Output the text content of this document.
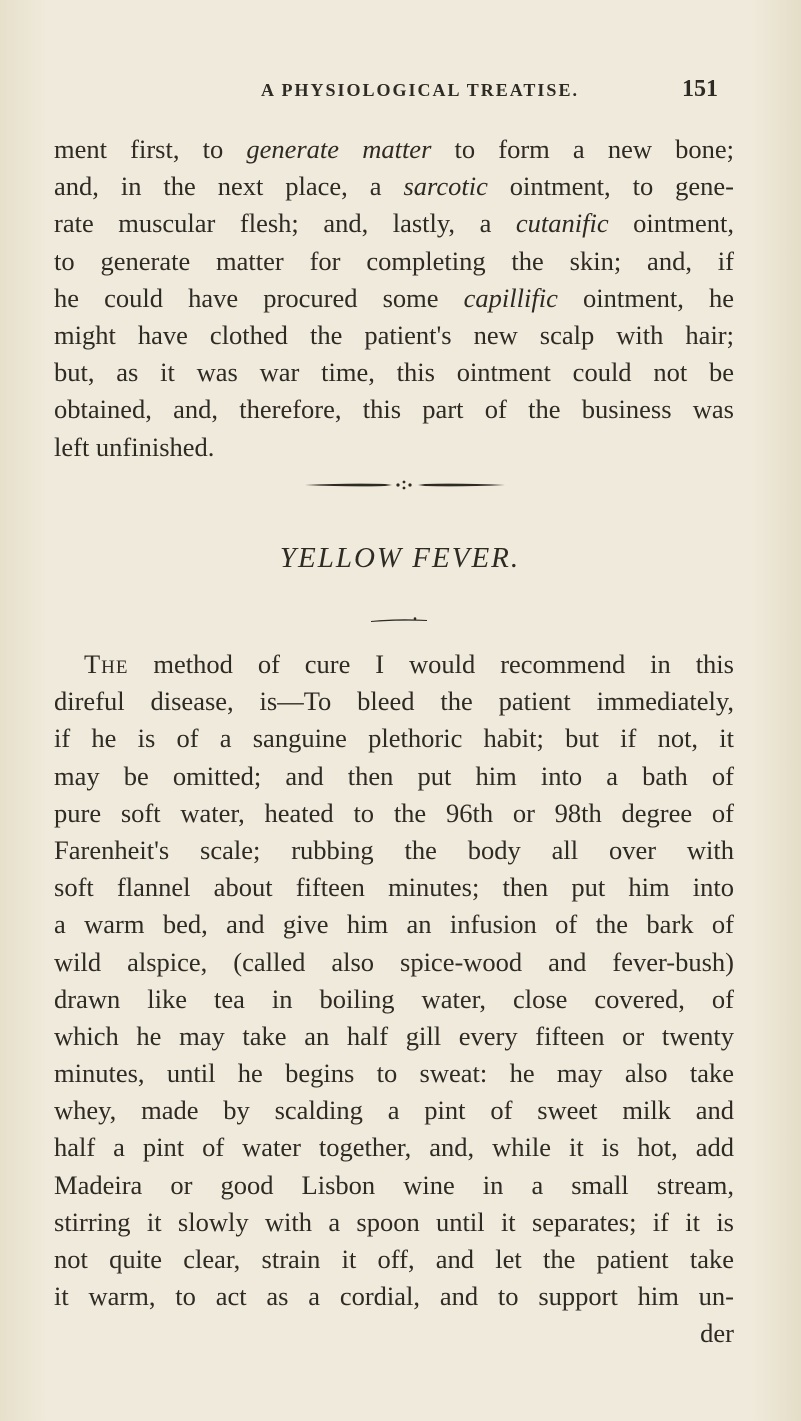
A PHYSIOLOGICAL TREATISE.	151
ment first, to generate matter to form a new bone;
and, in the next place, a sarcotic ointment, to gene-
rate muscular flesh; and, lastly, a cutanific ointment,
to generate matter for completing the skin; and, if
he could have procured some capillific ointment, he
might have clothed the patient's new scalp with hair;
but, as it was war time, this ointment could not be
obtained, and, therefore, this part of the business was
left unfinished.
YELLOW FEVER.
The method of cure I would recommend in this
direful disease, is—To bleed the patient immediately,
if he is of a sanguine plethoric habit; but if not, it
may be omitted; and then put him into a bath of
pure soft water, heated to the 96th or 98th degree of
Farenheit's scale; rubbing the body all over with
soft flannel about fifteen minutes; then put him into
a warm bed, and give him an infusion of the bark of
wild alspice, (called also spice-wood and fever-bush)
drawn like tea in boiling water, close covered, of
which he may take an half gill every fifteen or twenty
minutes, until he begins to sweat: he may also take
whey, made by scalding a pint of sweet milk and
half a pint of water together, and, while it is hot, add
Madeira or good Lisbon wine in a small stream,
stirring it slowly with a spoon until it separates; if it is
not quite clear, strain it off, and let the patient take
it warm, to act as a cordial, and to support him un-
der
